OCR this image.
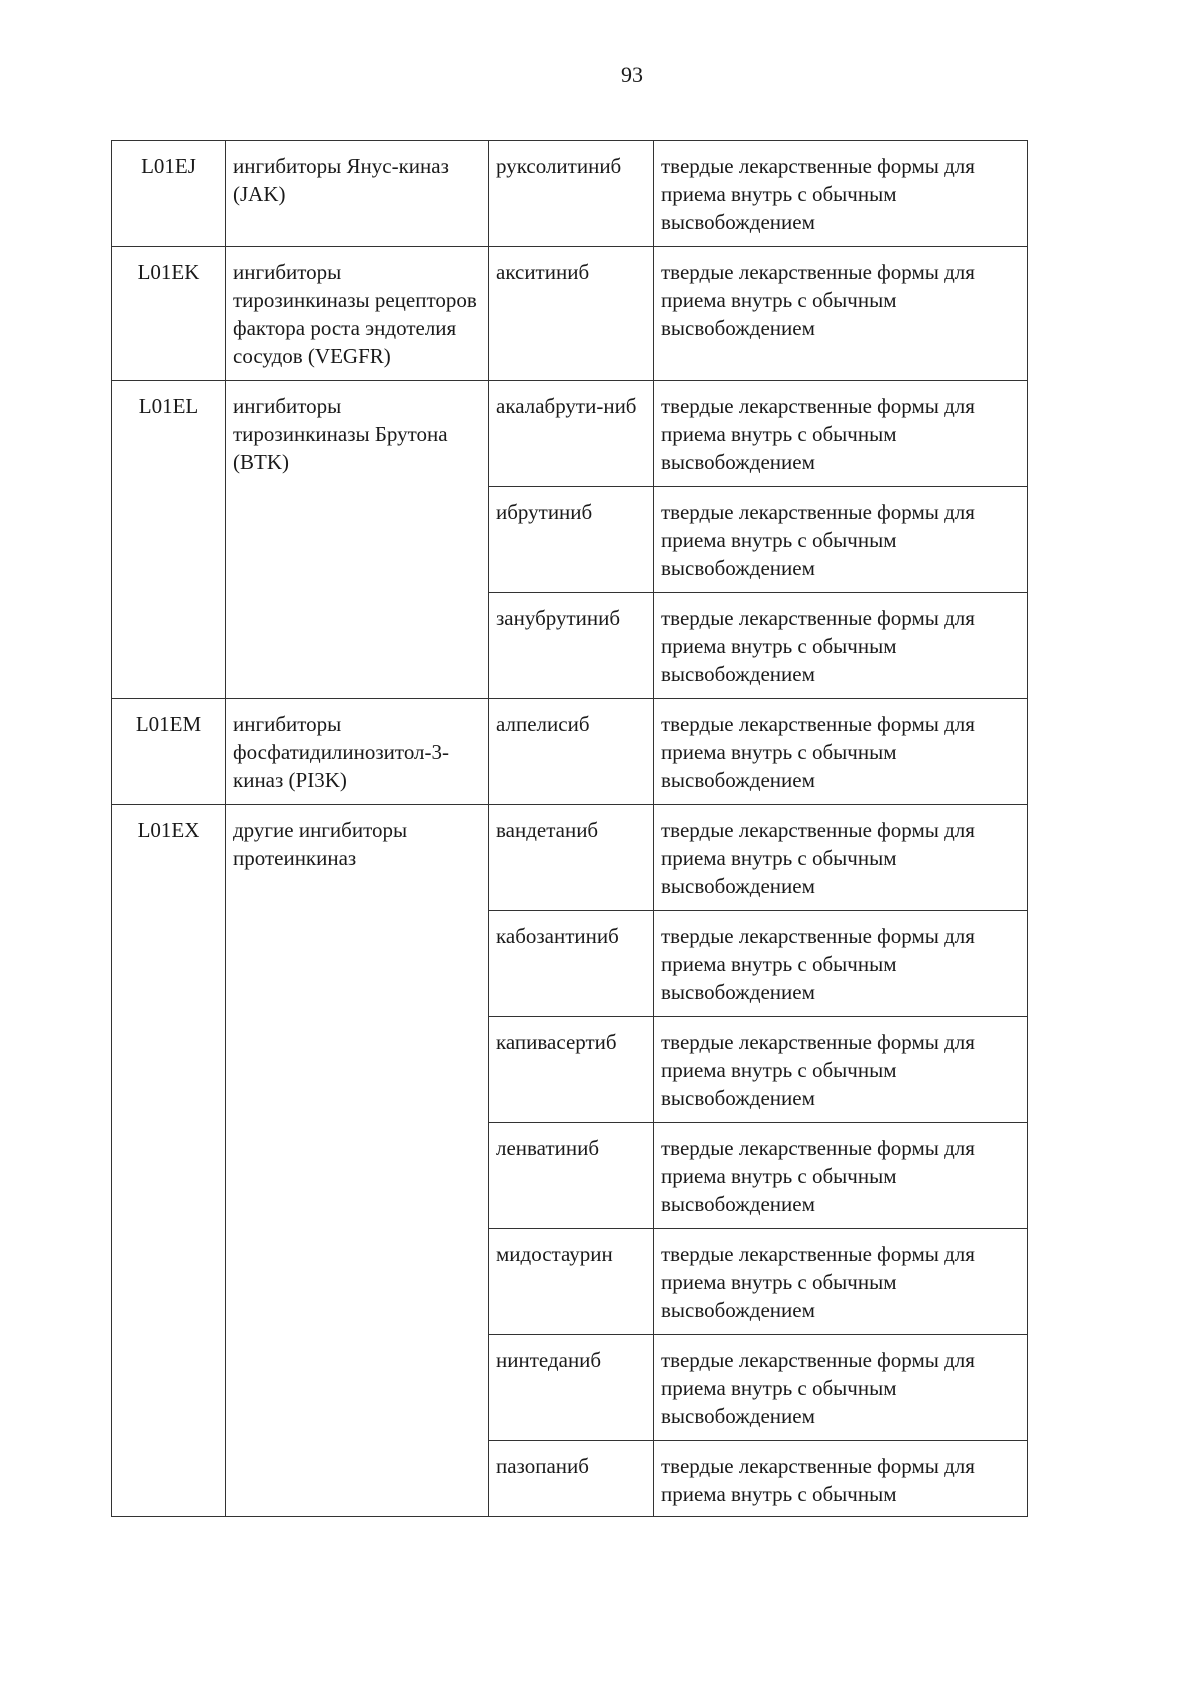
93
L01EJ	ингибиторы Янус-киназ (JAK)	руксолитиниб	твердые лекарственные формы для приема внутрь с обычным высвобождением
L01EK	ингибиторы тирозинкиназы рецепторов фактора роста эндотелия сосудов (VEGFR)	акситиниб	твердые лекарственные формы для приема внутрь с обычным высвобождением
L01EL	ингибиторы тирозинкиназы Брутона (BTK)	акалабрути-ниб	твердые лекарственные формы для приема внутрь с обычным высвобождением
		ибрутиниб	твердые лекарственные формы для приема внутрь с обычным высвобождением
		занубрутиниб	твердые лекарственные формы для приема внутрь с обычным высвобождением
L01EM	ингибиторы фосфатидилинозитол-3-киназ (PI3K)	алпелисиб	твердые лекарственные формы для приема внутрь с обычным высвобождением
L01EX	другие ингибиторы протеинкиназ	вандетаниб	твердые лекарственные формы для приема внутрь с обычным высвобождением
		кабозантиниб	твердые лекарственные формы для приема внутрь с обычным высвобождением
		капивасертиб	твердые лекарственные формы для приема внутрь с обычным высвобождением
		ленватиниб	твердые лекарственные формы для приема внутрь с обычным высвобождением
		мидостаурин	твердые лекарственные формы для приема внутрь с обычным высвобождением
		нинтеданиб	твердые лекарственные формы для приема внутрь с обычным высвобождением
		пазопаниб	твердые лекарственные формы для приема внутрь с обычным
